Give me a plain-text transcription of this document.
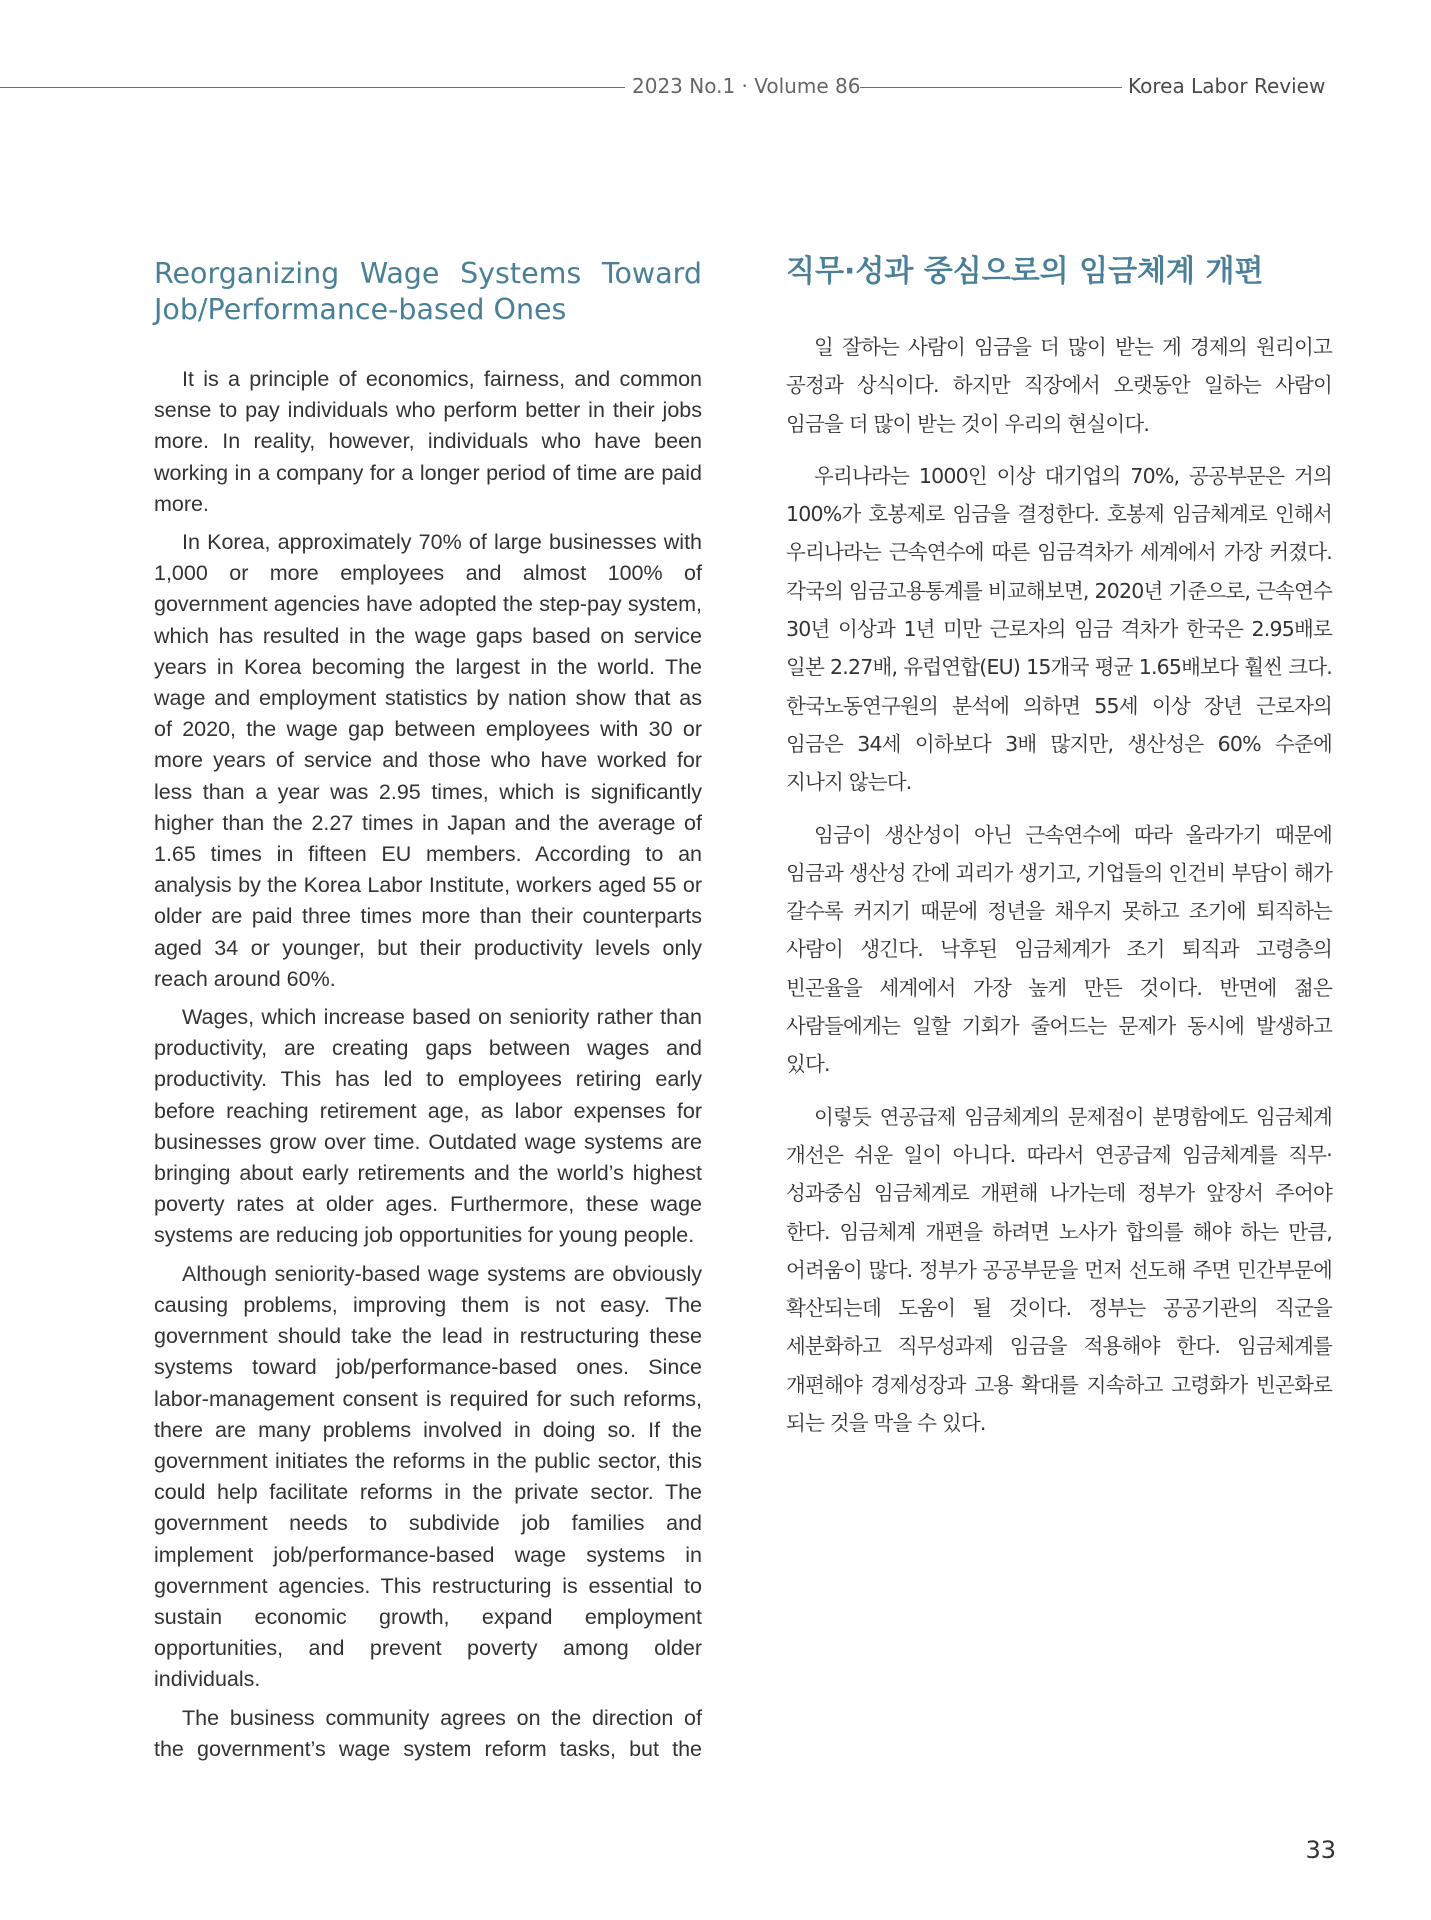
2023 No.1 · Volume 86	Korea Labor Review
Reorganizing Wage Systems Toward Job/Performance-based Ones

It is a principle of economics, fairness, and common sense to pay individuals who perform better in their jobs more. In reality, however, individuals who have been working in a company for a longer period of time are paid more.

In Korea, approximately 70% of large businesses with 1,000 or more employees and almost 100% of government agencies have adopted the step-pay system, which has resulted in the wage gaps based on service years in Korea becoming the largest in the world. The wage and employment statistics by nation show that as of 2020, the wage gap between employees with 30 or more years of service and those who have worked for less than a year was 2.95 times, which is significantly higher than the 2.27 times in Japan and the average of 1.65 times in fifteen EU members. According to an analysis by the Korea Labor Institute, workers aged 55 or older are paid three times more than their counterparts aged 34 or younger, but their productivity levels only reach around 60%.

Wages, which increase based on seniority rather than productivity, are creating gaps between wages and productivity. This has led to employees retiring early before reaching retirement age, as labor expenses for businesses grow over time. Outdated wage systems are bringing about early retirements and the world’s highest poverty rates at older ages. Furthermore, these wage systems are reducing job opportunities for young people.

Although seniority-based wage systems are obviously causing problems, improving them is not easy. The government should take the lead in restructuring these systems toward job/performance-based ones. Since labor-management consent is required for such reforms, there are many problems involved in doing so. If the government initiates the reforms in the public sector, this could help facilitate reforms in the private sector. The government needs to subdivide job families and implement job/performance-based wage systems in government agencies. This restructuring is essential to sustain economic growth, expand employment opportunities, and prevent poverty among older individuals.

The business community agrees on the direction of the government’s wage system reform tasks, but the

직무·성과 중심으로의 임금체계 개편

일 잘하는 사람이 임금을 더 많이 받는 게 경제의 원리이고 공정과 상식이다. 하지만 직장에서 오랫동안 일하는 사람이 임금을 더 많이 받는 것이 우리의 현실이다.

우리나라는 1000인 이상 대기업의 70%, 공공부문은 거의 100%가 호봉제로 임금을 결정한다. 호봉제 임금체계로 인해서 우리나라는 근속연수에 따른 임금격차가 세계에서 가장 커졌다. 각국의 임금고용통계를 비교해보면, 2020년 기준으로, 근속연수 30년 이상과 1년 미만 근로자의 임금 격차가 한국은 2.95배로 일본 2.27배, 유럽연합(EU) 15개국 평균 1.65배보다 훨씬 크다. 한국노동연구원의 분석에 의하면 55세 이상 장년 근로자의 임금은 34세 이하보다 3배 많지만, 생산성은 60% 수준에 지나지 않는다.

임금이 생산성이 아닌 근속연수에 따라 올라가기 때문에 임금과 생산성 간에 괴리가 생기고, 기업들의 인건비 부담이 해가 갈수록 커지기 때문에 정년을 채우지 못하고 조기에 퇴직하는 사람이 생긴다. 낙후된 임금체계가 조기 퇴직과 고령층의 빈곤율을 세계에서 가장 높게 만든 것이다. 반면에 젊은 사람들에게는 일할 기회가 줄어드는 문제가 동시에 발생하고 있다.

이렇듯 연공급제 임금체계의 문제점이 분명함에도 임금체계 개선은 쉬운 일이 아니다. 따라서 연공급제 임금체계를 직무·성과중심 임금체계로 개편해 나가는데 정부가 앞장서 주어야 한다. 임금체계 개편을 하려면 노사가 합의를 해야 하는 만큼, 어려움이 많다. 정부가 공공부문을 먼저 선도해 주면 민간부문에 확산되는데 도움이 될 것이다. 정부는 공공기관의 직군을 세분화하고 직무성과제 임금을 적용해야 한다. 임금체계를 개편해야 경제성장과 고용 확대를 지속하고 고령화가 빈곤화로 되는 것을 막을 수 있다.

33
